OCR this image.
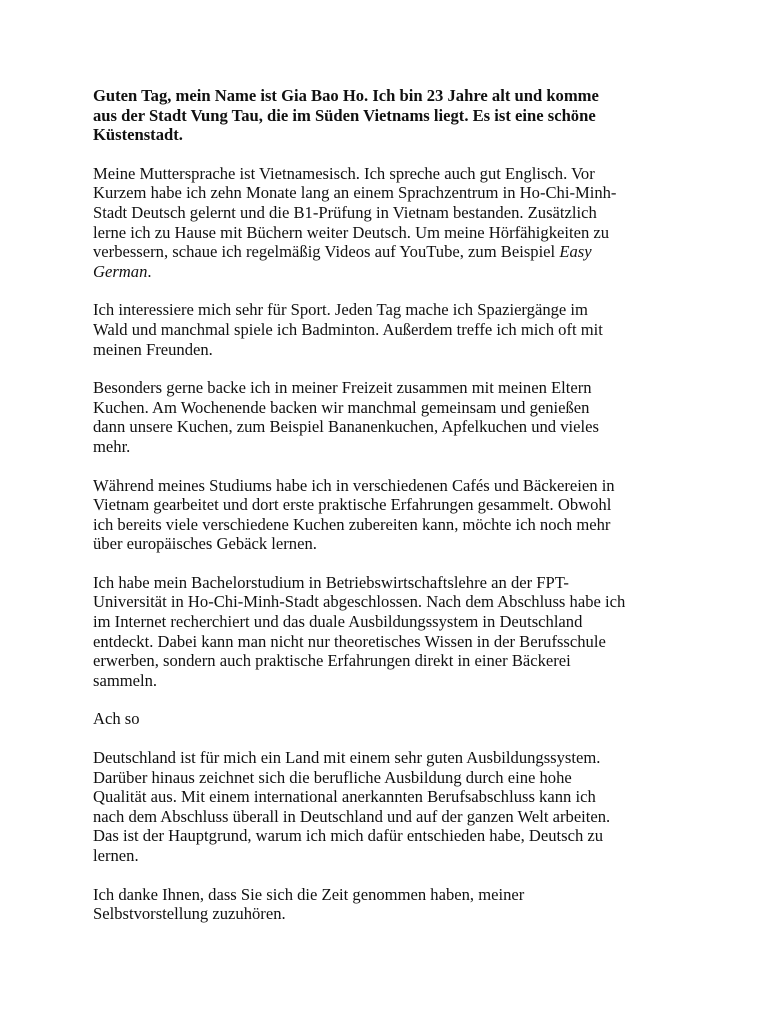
Guten Tag, mein Name ist Gia Bao Ho. Ich bin 23 Jahre alt und komme
aus der Stadt Vung Tau, die im Süden Vietnams liegt. Es ist eine schöne
Küstenstadt.

Meine Muttersprache ist Vietnamesisch. Ich spreche auch gut Englisch. Vor
Kurzem habe ich zehn Monate lang an einem Sprachzentrum in Ho-Chi-Minh-
Stadt Deutsch gelernt und die B1-Prüfung in Vietnam bestanden. Zusätzlich
lerne ich zu Hause mit Büchern weiter Deutsch. Um meine Hörfähigkeiten zu
verbessern, schaue ich regelmäßig Videos auf YouTube, zum Beispiel Easy
German.

Ich interessiere mich sehr für Sport. Jeden Tag mache ich Spaziergänge im
Wald und manchmal spiele ich Badminton. Außerdem treffe ich mich oft mit
meinen Freunden.

Besonders gerne backe ich in meiner Freizeit zusammen mit meinen Eltern
Kuchen. Am Wochenende backen wir manchmal gemeinsam und genießen
dann unsere Kuchen, zum Beispiel Bananenkuchen, Apfelkuchen und vieles
mehr.

Während meines Studiums habe ich in verschiedenen Cafés und Bäckereien in
Vietnam gearbeitet und dort erste praktische Erfahrungen gesammelt. Obwohl
ich bereits viele verschiedene Kuchen zubereiten kann, möchte ich noch mehr
über europäisches Gebäck lernen.

Ich habe mein Bachelorstudium in Betriebswirtschaftslehre an der FPT-
Universität in Ho-Chi-Minh-Stadt abgeschlossen. Nach dem Abschluss habe ich
im Internet recherchiert und das duale Ausbildungssystem in Deutschland
entdeckt. Dabei kann man nicht nur theoretisches Wissen in der Berufsschule
erwerben, sondern auch praktische Erfahrungen direkt in einer Bäckerei
sammeln.

Ach so

Deutschland ist für mich ein Land mit einem sehr guten Ausbildungssystem.
Darüber hinaus zeichnet sich die berufliche Ausbildung durch eine hohe
Qualität aus. Mit einem international anerkannten Berufsabschluss kann ich
nach dem Abschluss überall in Deutschland und auf der ganzen Welt arbeiten.
Das ist der Hauptgrund, warum ich mich dafür entschieden habe, Deutsch zu
lernen.

Ich danke Ihnen, dass Sie sich die Zeit genommen haben, meiner
Selbstvorstellung zuzuhören.
